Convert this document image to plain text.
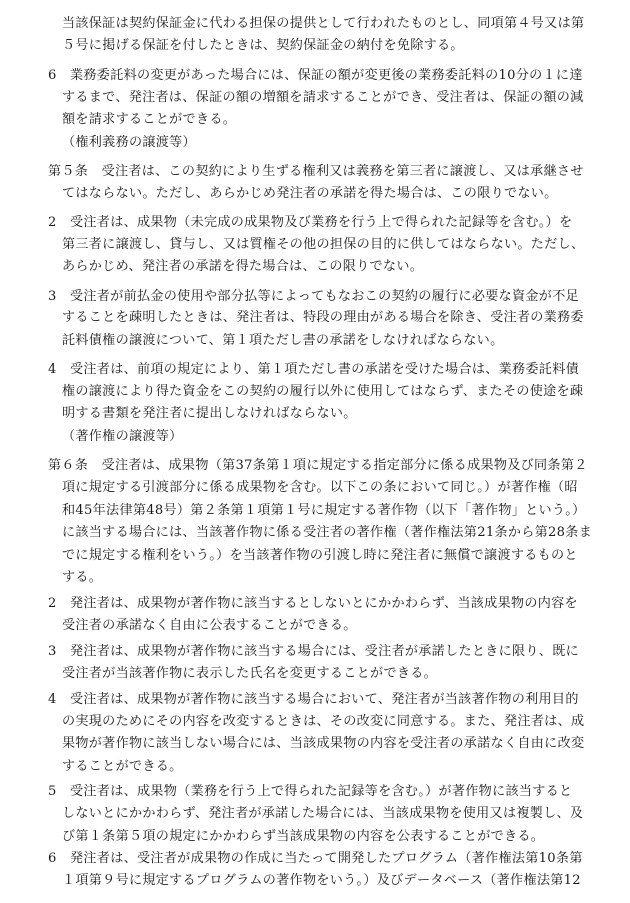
当該保証は契約保証金に代わる担保の提供として行われたものとし、同項第４号又は第
５号に掲げる保証を付したときは、契約保証金の納付を免除する。
6　業務委託料の変更があった場合には、保証の額が変更後の業務委託料の10分の１に達
するまで、発注者は、保証の額の増額を請求することができ、受注者は、保証の額の減
額を請求することができる。
（権利義務の譲渡等）
第５条　受注者は、この契約により生ずる権利又は義務を第三者に譲渡し、又は承継させ
てはならない。ただし、あらかじめ発注者の承諾を得た場合は、この限りでない。
2　受注者は、成果物（未完成の成果物及び業務を行う上で得られた記録等を含む。）を
第三者に譲渡し、貸与し、又は質権その他の担保の目的に供してはならない。ただし、
あらかじめ、発注者の承諾を得た場合は、この限りでない。
3　受注者が前払金の使用や部分払等によってもなおこの契約の履行に必要な資金が不足
することを疎明したときは、発注者は、特段の理由がある場合を除き、受注者の業務委
託料債権の譲渡について、第１項ただし書の承諾をしなければならない。
4　受注者は、前項の規定により、第１項ただし書の承諾を受けた場合は、業務委託料債
権の譲渡により得た資金をこの契約の履行以外に使用してはならず、またその使途を疎
明する書類を発注者に提出しなければならない。
（著作権の譲渡等）
第６条　受注者は、成果物（第37条第１項に規定する指定部分に係る成果物及び同条第２
項に規定する引渡部分に係る成果物を含む。以下この条において同じ。）が著作権（昭
和45年法律第48号）第２条第１項第１号に規定する著作物（以下「著作物」という。）
に該当する場合には、当該著作物に係る受注者の著作権（著作権法第21条から第28条ま
でに規定する権利をいう。）を当該著作物の引渡し時に発注者に無償で譲渡するものと
する。
2　発注者は、成果物が著作物に該当するとしないとにかかわらず、当該成果物の内容を
受注者の承諾なく自由に公表することができる。
3　発注者は、成果物が著作物に該当する場合には、受注者が承諾したときに限り、既に
受注者が当該著作物に表示した氏名を変更することができる。
4　受注者は、成果物が著作物に該当する場合において、発注者が当該著作物の利用目的
の実現のためにその内容を改変するときは、その改変に同意する。また、発注者は、成
果物が著作物に該当しない場合には、当該成果物の内容を受注者の承諾なく自由に改変
することができる。
5　受注者は、成果物（業務を行う上で得られた記録等を含む。）が著作物に該当すると
しないとにかかわらず、発注者が承諾した場合には、当該成果物を使用又は複製し、及
び第１条第５項の規定にかかわらず当該成果物の内容を公表することができる。
6　発注者は、受注者が成果物の作成に当たって開発したプログラム（著作権法第10条第
１項第９号に規定するプログラムの著作物をいう。）及びデータベース（著作権法第12
